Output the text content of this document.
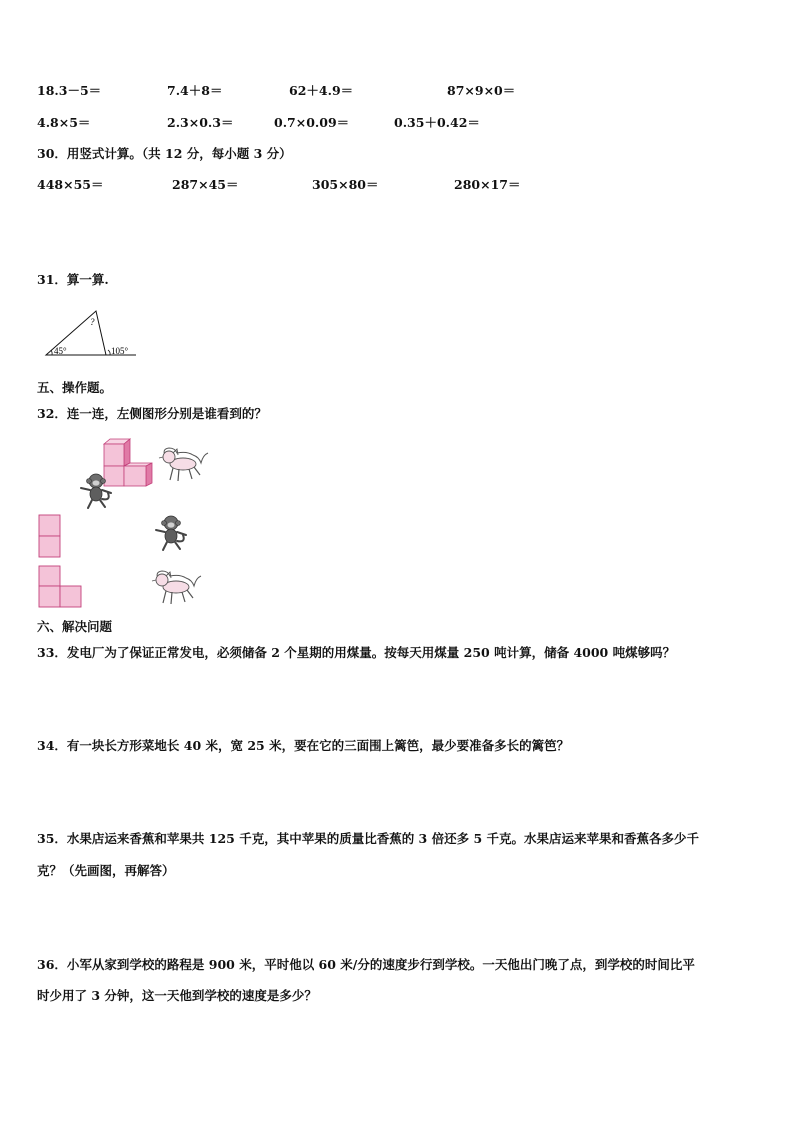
18.3－5＝	7.4＋8＝	62＋4.9＝	87×9×0＝
4.8×5＝	2.3×0.3＝	0.7×0.09＝	0.35＋0.42＝
30．用竖式计算。（共 12 分，每小题 3 分）
448×55＝	287×45＝	305×80＝	280×17＝
31．算一算.
?
45°	105°
五、操作题。
32．连一连，左侧图形分别是谁看到的？
六、解决问题
33．发电厂为了保证正常发电，必须储备 2 个星期的用煤量。按每天用煤量 250 吨计算，储备 4000 吨煤够吗？
34．有一块长方形菜地长 40 米，宽 25 米，要在它的三面围上篱笆，最少要准备多长的篱笆？
35．水果店运来香蕉和苹果共 125 千克，其中苹果的质量比香蕉的 3 倍还多 5 千克。水果店运来苹果和香蕉各多少千
克？（先画图，再解答）
36．小军从家到学校的路程是 900 米，平时他以 60 米/分的速度步行到学校。一天他出门晚了点，到学校的时间比平
时少用了 3 分钟，这一天他到学校的速度是多少？
